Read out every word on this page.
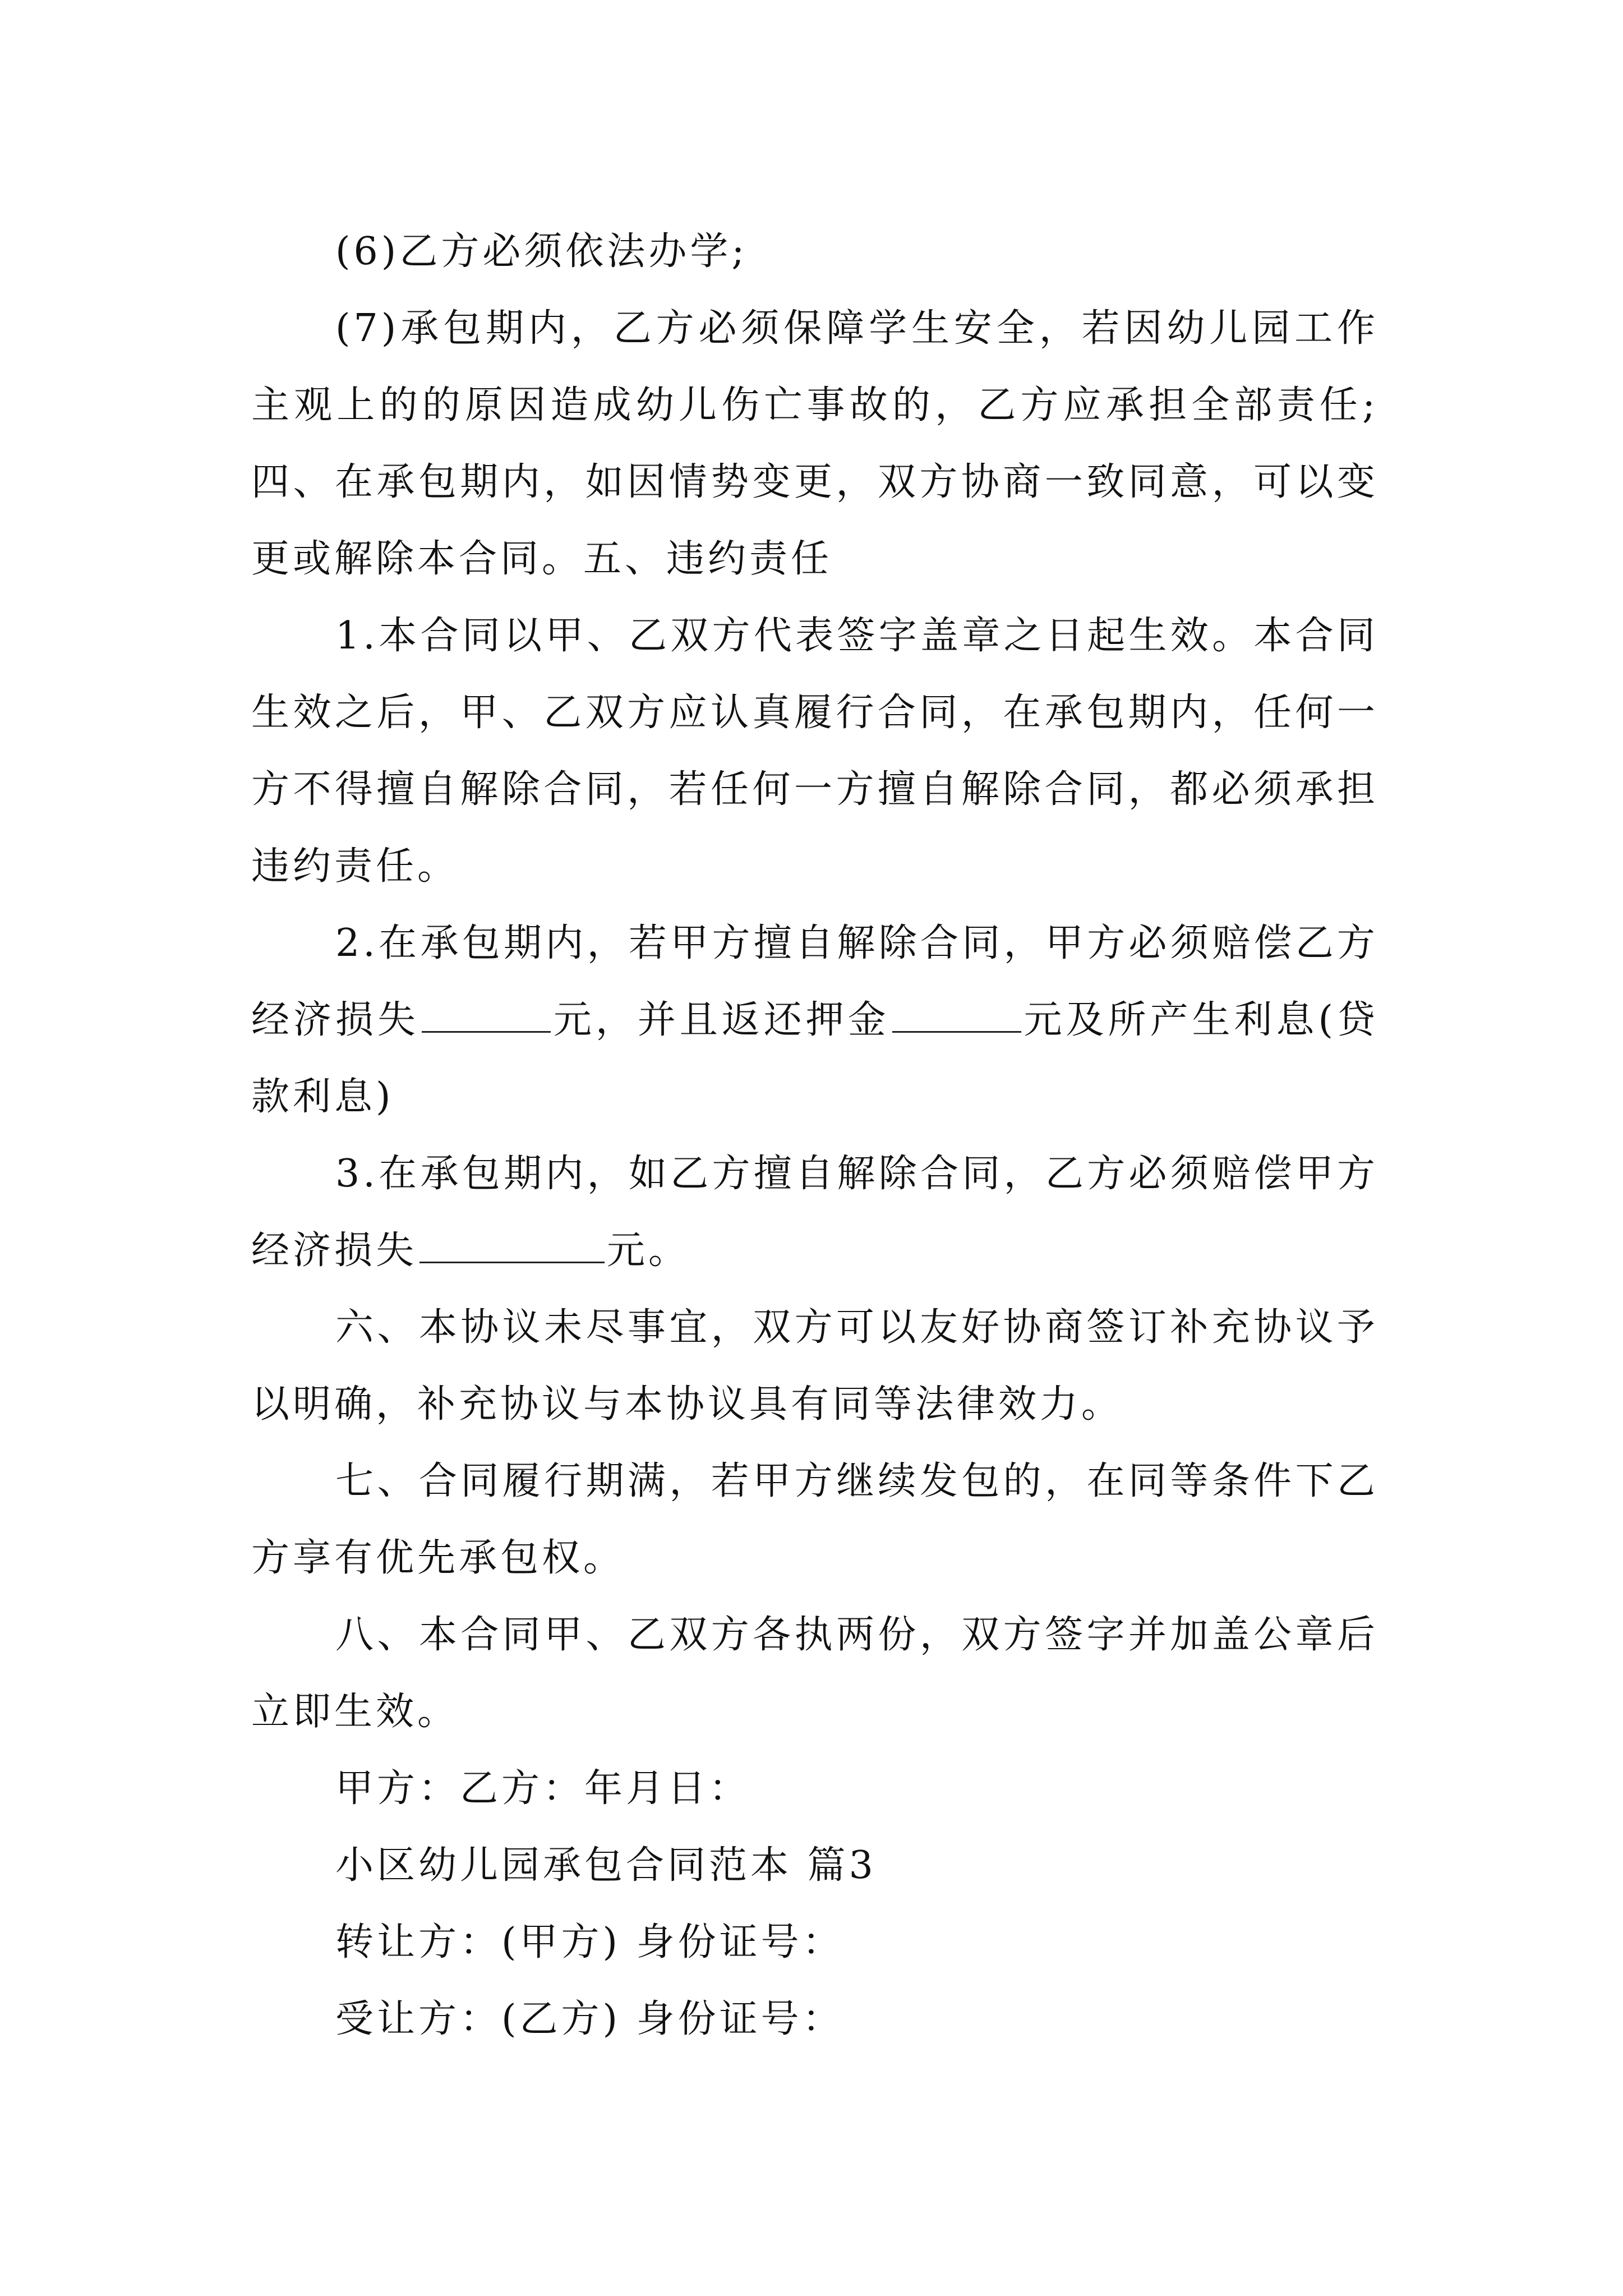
(6)乙方必须依法办学;

(7)承包期内，乙方必须保障学生安全，若因幼儿园工作主观上的的原因造成幼儿伤亡事故的，乙方应承担全部责任;四、在承包期内，如因情势变更，双方协商一致同意，可以变更或解除本合同。五、违约责任

1.本合同以甲、乙双方代表签字盖章之日起生效。本合同生效之后，甲、乙双方应认真履行合同，在承包期内，任何一方不得擅自解除合同，若任何一方擅自解除合同，都必须承担违约责任。

2.在承包期内，若甲方擅自解除合同，甲方必须赔偿乙方经济损失	元，并且返还押金	元及所产生利息(贷款利息)

3.在承包期内，如乙方擅自解除合同，乙方必须赔偿甲方经济损失	元。

六、本协议未尽事宜，双方可以友好协商签订补充协议予以明确，补充协议与本协议具有同等法律效力。

七、合同履行期满，若甲方继续发包的，在同等条件下乙方享有优先承包权。

八、本合同甲、乙双方各执两份，双方签字并加盖公章后立即生效。

甲方：乙方：年月日：

小区幼儿园承包合同范本 篇3

转让方：(甲方) 身份证号：

受让方：(乙方) 身份证号：
